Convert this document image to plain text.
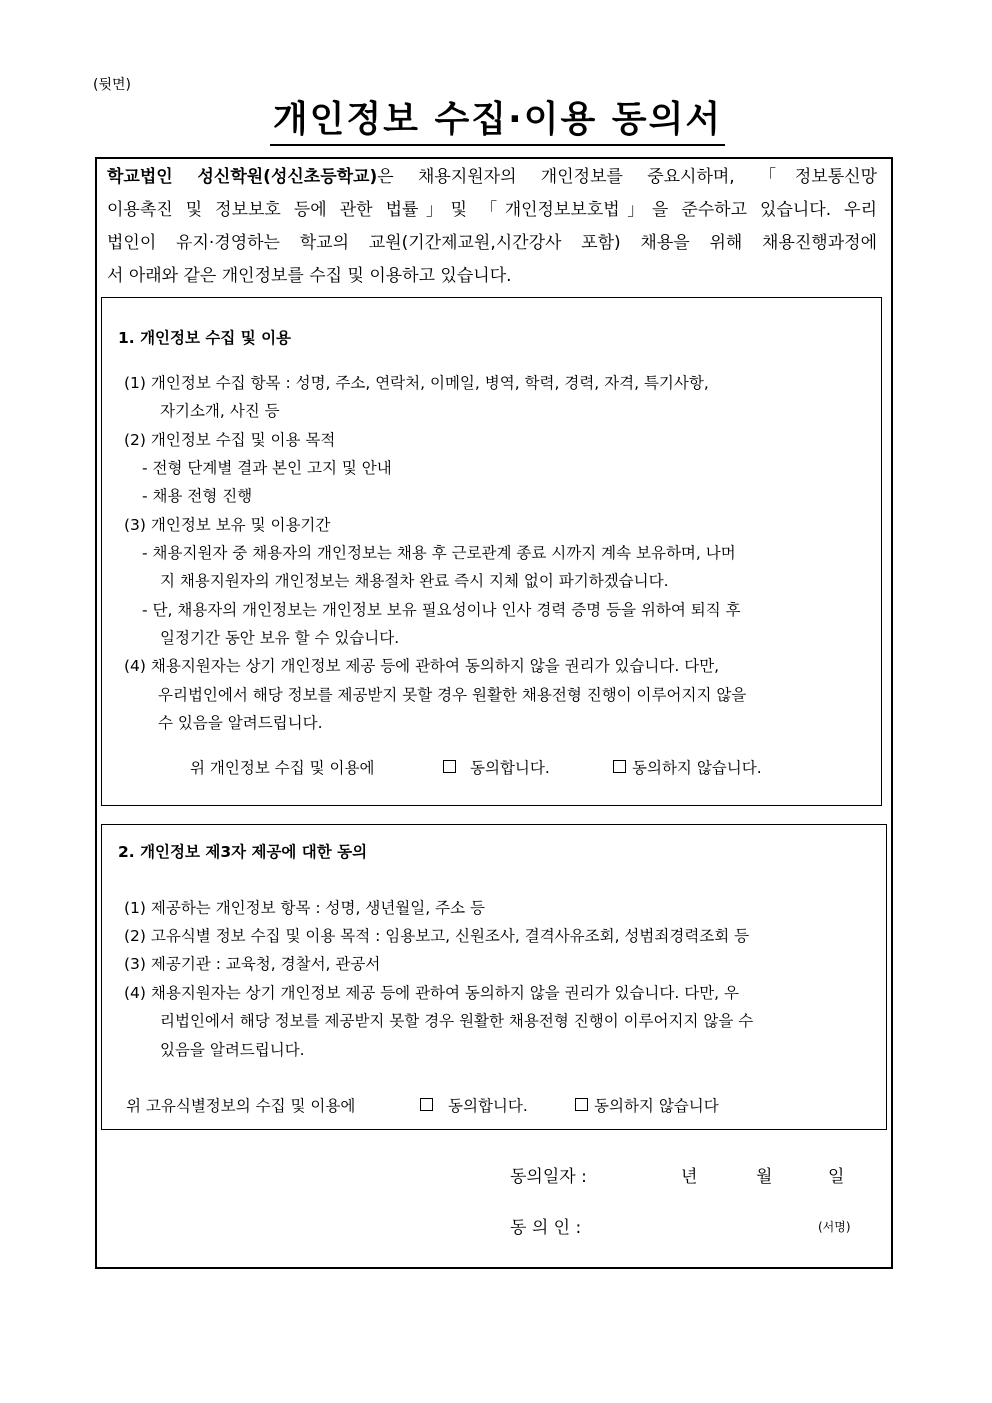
(뒷면)
개인정보 수집·이용 동의서
학교법인 성신학원(성신초등학교)은 채용지원자의 개인정보를 중요시하며, 「정보통신망
이용촉진 및 정보보호 등에 관한 법률」및 「개인정보보호법」을 준수하고 있습니다. 우리
법인이 유지·경영하는 학교의 교원(기간제교원,시간강사 포함) 채용을 위해 채용진행과정에
서 아래와 같은 개인정보를 수집 및 이용하고 있습니다.
1. 개인정보 수집 및 이용
(1) 개인정보 수집 항목 : 성명, 주소, 연락처, 이메일, 병역, 학력, 경력, 자격, 특기사항,
자기소개, 사진 등
(2) 개인정보 수집 및 이용 목적
- 전형 단계별 결과 본인 고지 및 안내
- 채용 전형 진행
(3) 개인정보 보유 및 이용기간
- 채용지원자 중 채용자의 개인정보는 채용 후 근로관계 종료 시까지 계속 보유하며, 나머
지 채용지원자의 개인정보는 채용절차 완료 즉시 지체 없이 파기하겠습니다.
- 단, 채용자의 개인정보는 개인정보 보유 필요성이나 인사 경력 증명 등을 위하여 퇴직 후
일정기간 동안 보유 할 수 있습니다.
(4) 채용지원자는 상기 개인정보 제공 등에 관하여 동의하지 않을 권리가 있습니다. 다만,
우리법인에서 해당 정보를 제공받지 못할 경우 원활한 채용전형 진행이 이루어지지 않을
수 있음을 알려드립니다.
위 개인정보 수집 및 이용에	동의합니다.	동의하지 않습니다.
2. 개인정보 제3자 제공에 대한 동의
(1) 제공하는 개인정보 항목 : 성명, 생년월일, 주소 등
(2) 고유식별 정보 수집 및 이용 목적 : 임용보고, 신원조사, 결격사유조회, 성범죄경력조회 등
(3) 제공기관 : 교육청, 경찰서, 관공서
(4) 채용지원자는 상기 개인정보 제공 등에 관하여 동의하지 않을 권리가 있습니다. 다만, 우
리법인에서 해당 정보를 제공받지 못할 경우 원활한 채용전형 진행이 이루어지지 않을 수
있음을 알려드립니다.
위 고유식별정보의 수집 및 이용에	동의합니다.	동의하지 않습니다
동의일자 :	년	월	일
동 의 인 :	(서명)
